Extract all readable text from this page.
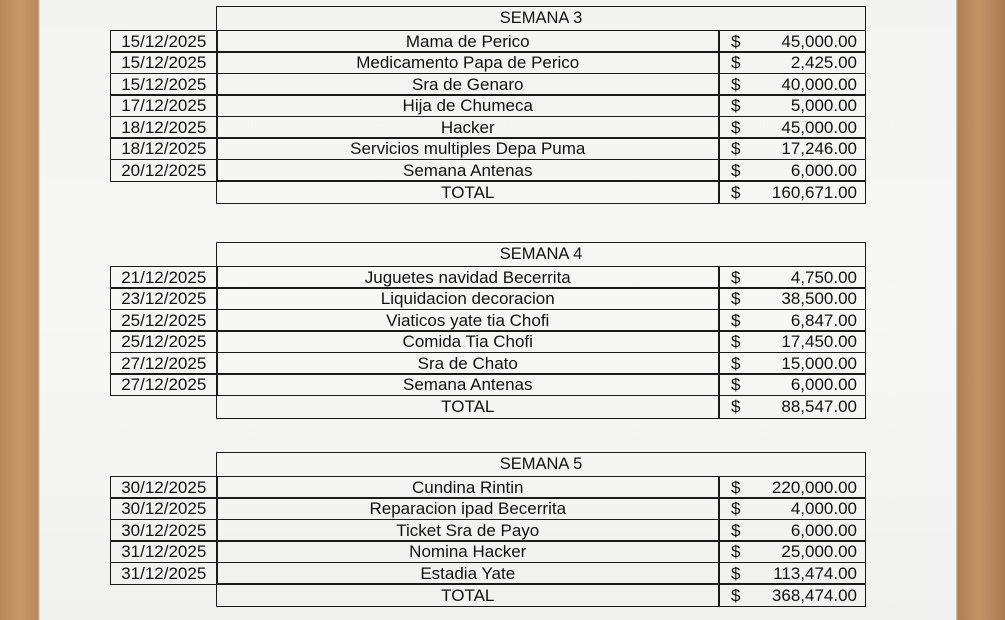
SEMANA 3
15/12/2025	Mama de Perico	$ 45,000.00
15/12/2025	Medicamento Papa de Perico	$	2,425.00
15/12/2025	Sra de Genaro	$ 40,000.00
17/12/2025	Hija de Chumeca	$	5,000.00
18/12/2025	Hacker	$ 45,000.00
18/12/2025	Servicios multiples Depa Puma	$ 17,246.00
20/12/2025	Semana Antenas	$	6,000.00
TOTAL	$ 160,671.00
SEMANA 4
21/12/2025	Juguetes navidad Becerrita	$	4,750.00
23/12/2025	Liquidacion decoracion	$ 38,500.00
25/12/2025	Viaticos yate tia Chofi	$	6,847.00
25/12/2025	Comida Tia Chofi	$ 17,450.00
27/12/2025	Sra de Chato	$ 15,000.00
27/12/2025	Semana Antenas	$	6,000.00
TOTAL	$ 88,547.00
SEMANA 5
30/12/2025	Cundina Rintin	$ 220,000.00
30/12/2025	Reparacion ipad Becerrita	$	4,000.00
30/12/2025	Ticket Sra de Payo	$	6,000.00
31/12/2025	Nomina Hacker	$ 25,000.00
31/12/2025	Estadia Yate	$ 113,474.00
TOTAL	$ 368,474.00
